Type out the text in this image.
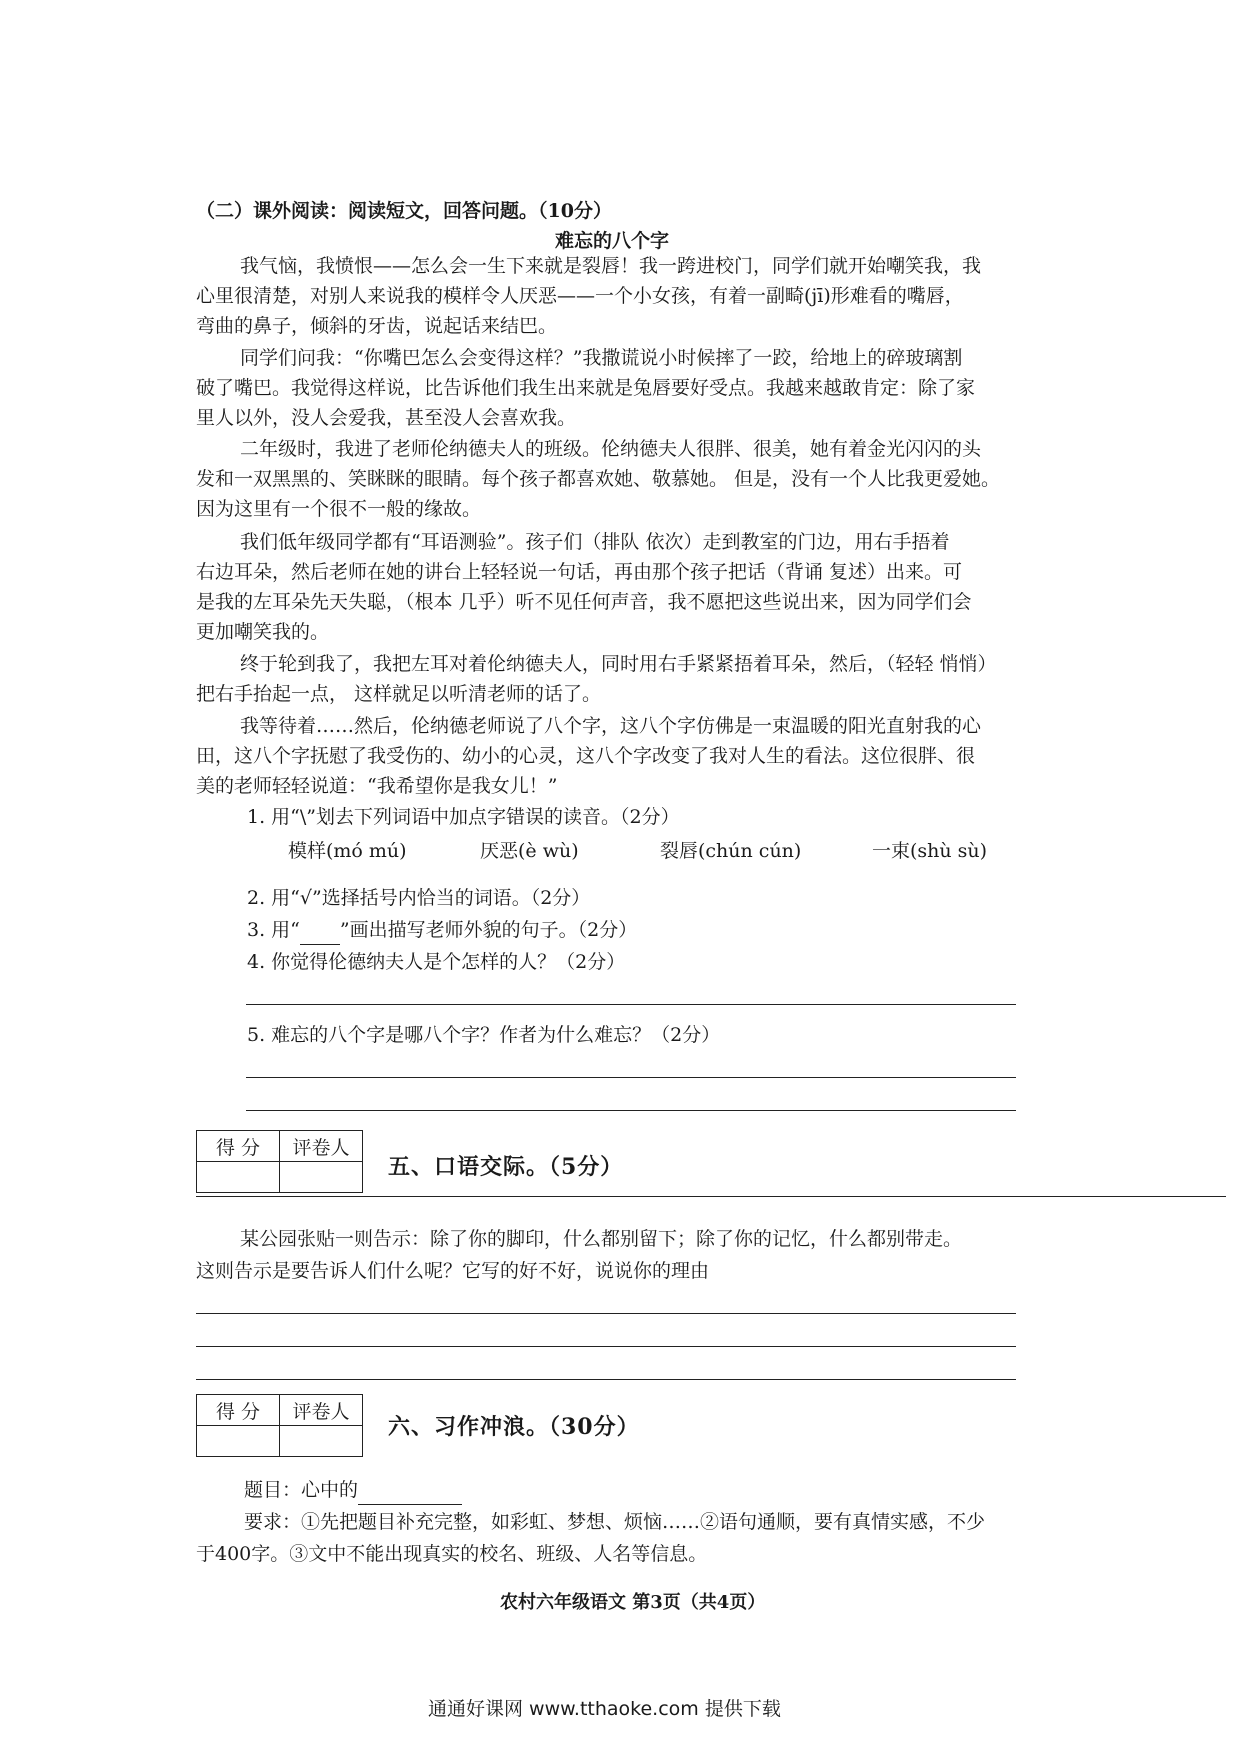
（二）课外阅读：阅读短文，回答问题。（10分）
难忘的八个字
我气恼，我愤恨——怎么会一生下来就是裂唇！我一跨进校门，同学们就开始嘲笑我，我
心里很清楚，对别人来说我的模样令人厌恶——一个小女孩，有着一副畸(jī)形难看的嘴唇，
弯曲的鼻子，倾斜的牙齿，说起话来结巴。
同学们问我：“你嘴巴怎么会变得这样？”我撒谎说小时候摔了一跤，给地上的碎玻璃割
破了嘴巴。我觉得这样说，比告诉他们我生出来就是兔唇要好受点。我越来越敢肯定：除了家
里人以外，没人会爱我，甚至没人会喜欢我。
二年级时，我进了老师伦纳德夫人的班级。伦纳德夫人很胖、很美，她有着金光闪闪的头
发和一双黑黑的、笑眯眯的眼睛。每个孩子都喜欢她、敬慕她。 但是，没有一个人比我更爱她。
因为这里有一个很不一般的缘故。
我们低年级同学都有“耳语测验”。孩子们（排队 依次）走到教室的门边，用右手捂着
右边耳朵，然后老师在她的讲台上轻轻说一句话，再由那个孩子把话（背诵 复述）出来。可
是我的左耳朵先天失聪，（根本 几乎）听不见任何声音，我不愿把这些说出来，因为同学们会
更加嘲笑我的。
终于轮到我了，我把左耳对着伦纳德夫人，同时用右手紧紧捂着耳朵，然后，（轻轻 悄悄）
把右手抬起一点， 这样就足以听清老师的话了。
我等待着……然后，伦纳德老师说了八个字，这八个字仿佛是一束温暖的阳光直射我的心
田，这八个字抚慰了我受伤的、幼小的心灵，这八个字改变了我对人生的看法。这位很胖、很
美的老师轻轻说道：“我希望你是我女儿！”
1. 用“\”划去下列词语中加点字错误的读音。（2分）
模样(mó mú)	厌恶(è wù)	裂唇(chún cún)	一束(shù sù)
2. 用“√”选择括号内恰当的词语。（2分）
3. 用“ ”画出描写老师外貌的句子。（2分）
4. 你觉得伦德纳夫人是个怎样的人？（2分）
5. 难忘的八个字是哪八个字？作者为什么难忘？（2分）
得 分	评卷人

五、口语交际。（5分）
某公园张贴一则告示：除了你的脚印，什么都别留下；除了你的记忆，什么都别带走。
这则告示是要告诉人们什么呢？它写的好不好，说说你的理由
得 分	评卷人

六、习作冲浪。（30分）
题目：心中的
要求：①先把题目补充完整，如彩虹、梦想、烦恼……②语句通顺，要有真情实感，不少
于400字。③文中不能出现真实的校名、班级、人名等信息。
农村六年级语文 第3页（共4页）
通通好课网 www.tthaoke.com 提供下载
